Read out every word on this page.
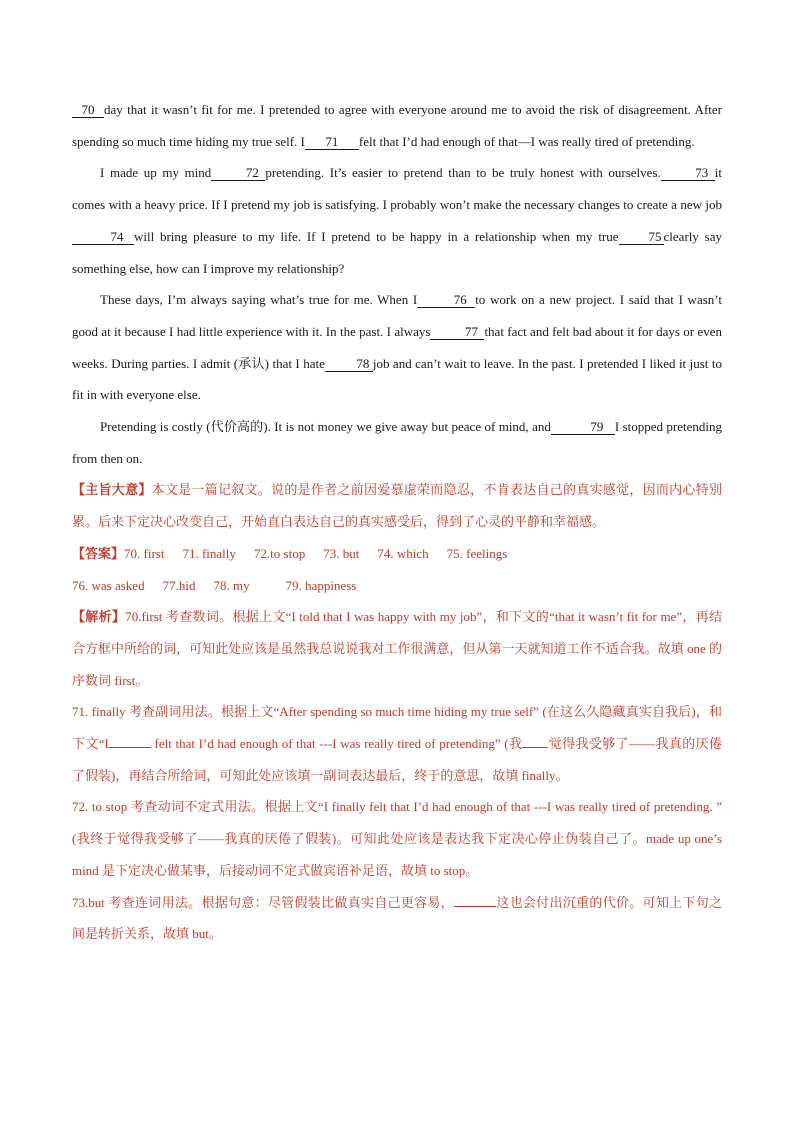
70 day that it wasn’t fit for me. I pretended to agree with everyone around me to avoid the risk of disagreement. After spending so much time hiding my true self. I 71 felt that I’d had enough of that—I was really tired of pretending.

I made up my mind	72 pretending. It’s easier to pretend than to be truly honest with ourselves.	73 it comes with a heavy price. If I pretend my job is satisfying. I probably won’t make the necessary changes to create a new job74 will bring pleasure to my life. If I pretend to be happy in a relationship when my true 75 clearly say something else, how can I improve my relationship?

These days, I’m always saying what’s true for me. When I	76 to work on a new project. I said that I wasn’t good at it because I had little experience with it. In the past. I always	77 that fact and felt bad about it for days or even weeks. During parties. I admit (承认) that I hate 78 job and can’t wait to leave. In the past. I pretended I liked it just to fit in with everyone else.

Pretending is costly (代价高的). It is not money we give away but peace of mind, and	79 I stopped pretending from then on.

【主旨大意】本文是一篇记叙文。说的是作者之前因爱慕虚荣而隐忍，不肯表达自己的真实感觉，因而内心特别累。后来下定决心改变自己，开始直白表达自己的真实感受后，得到了心灵的平静和幸福感。

【答案】 70. first 71. finally 72.to stop 73. but 74. which 75. feelings
76. was asked 77.hid 78. my	79. happiness

【解析】70.first 考查数词。根据上文“I told that I was happy with my job”，和下文的“that it wasn’t fit for me”，再结合方框中所给的词，可知此处应该是虽然我总说说我对工作很满意，但从第一天就知道工作不适合我。故填 one 的序数词 first。

71. finally 考查副词用法。根据上文“After spending so much time hiding my true self” (在这么久隐藏真实自我后)，和下文“I	felt that I’d had enough of that ---I was really tired of pretending” (我 觉得我受够了——我真的厌倦了假装)，再结合所给词，可知此处应该填一副词表达最后，终于的意思，故填 finally。

72. to stop 考查动词不定式用法。根据上文“I finally felt that I’d had enough of that ---I was really tired of pretending. ” (我终于觉得我受够了——我真的厌倦了假装)。可知此处应该是表达我下定决心停止伪装自己了。made up one’s mind 是下定决心做某事，后接动词不定式做宾语补足语，故填 to stop。

73.but 考查连词用法。根据句意：尽管假装比做真实自己更容易，	这也会付出沉重的代价。可知上下句之间是转折关系，故填 but。
